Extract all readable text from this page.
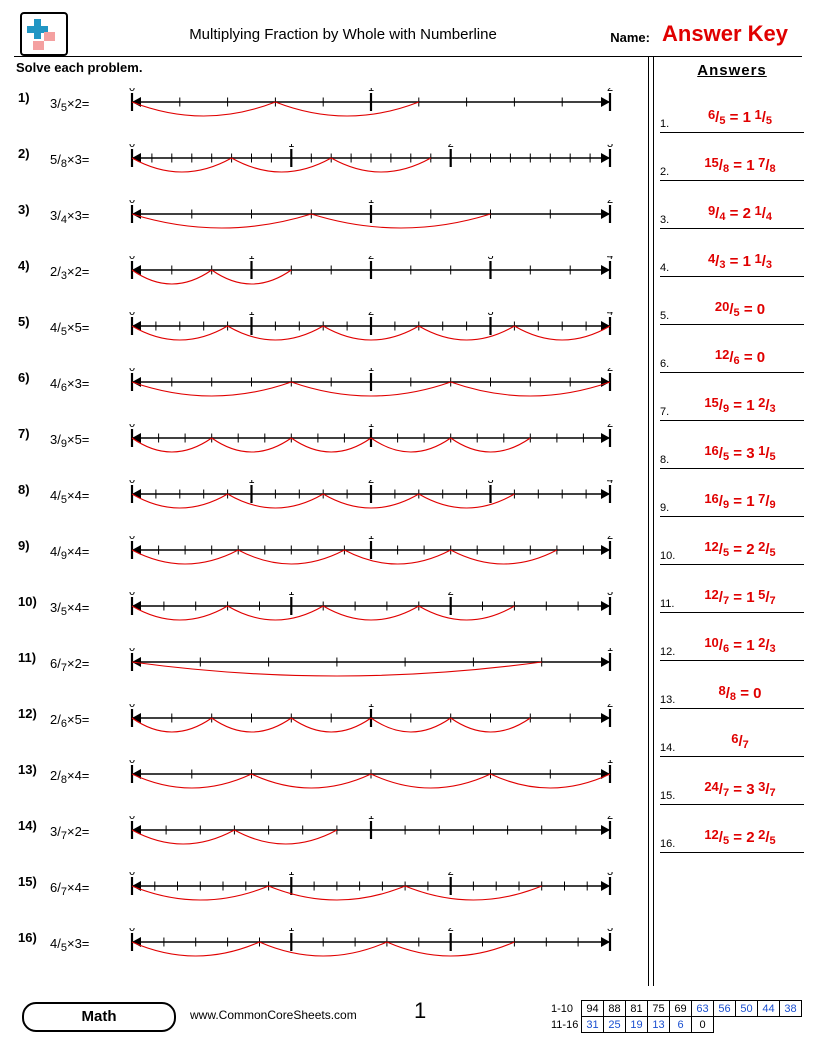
Multiplying Fraction by Whole with Numberline	Name: Answer Key
Solve each problem.
1) $3/_5\times 2=$
0	1	2
2) $5/_8\times 3=$
0	1	2	3
3) $3/_4\times 3=$
0	1	2
4) $2/_3\times 2=$
0	1	2	3	4
5) $4/_5\times 5=$
0	1	2	3	4
6) $4/_6\times 3=$
0	1	2
7) $3/_9\times 5=$
0	1	2
8) $4/_5\times 4=$
0	1	2	3	4
9) $4/_9\times 4=$
0	1	2
10) $3/_5\times 4=$
0	1	2	3
11) $6/_7\times 2=$
0	1
12) $2/_6\times 5=$
0	1	2
13) $2/_8\times 4=$
0	1
14) $3/_7\times 2=$
0	1	2
15) $6/_7\times 4=$
0	1	2	3
16) $4/_5\times 3=$
0	1	2	3
Answers
1.
6/5 = 1 1/5
2.
15/8 = 1 7/8
3.
9/4 = 2 1/4
4.
4/3 = 1 1/3
5.
20/5 = 0
6.
12/6 = 0
7.
15/9 = 1 2/3
8.
16/5 = 3 1/5
9.
16/9 = 1 7/9
10.
12/5 = 2 2/5
11.
12/7 = 1 5/7
12.
10/6 = 1 2/3
13.
8/8 = 0
14.
6/7
15.
24/7 = 3 3/7
16.
12/5 = 2 2/5
Math	www.CommonCoreSheets.com	1	1-10	94	88	81	75	69	63	56	50	44	38
11-16	31	25	19	13	6	0				
